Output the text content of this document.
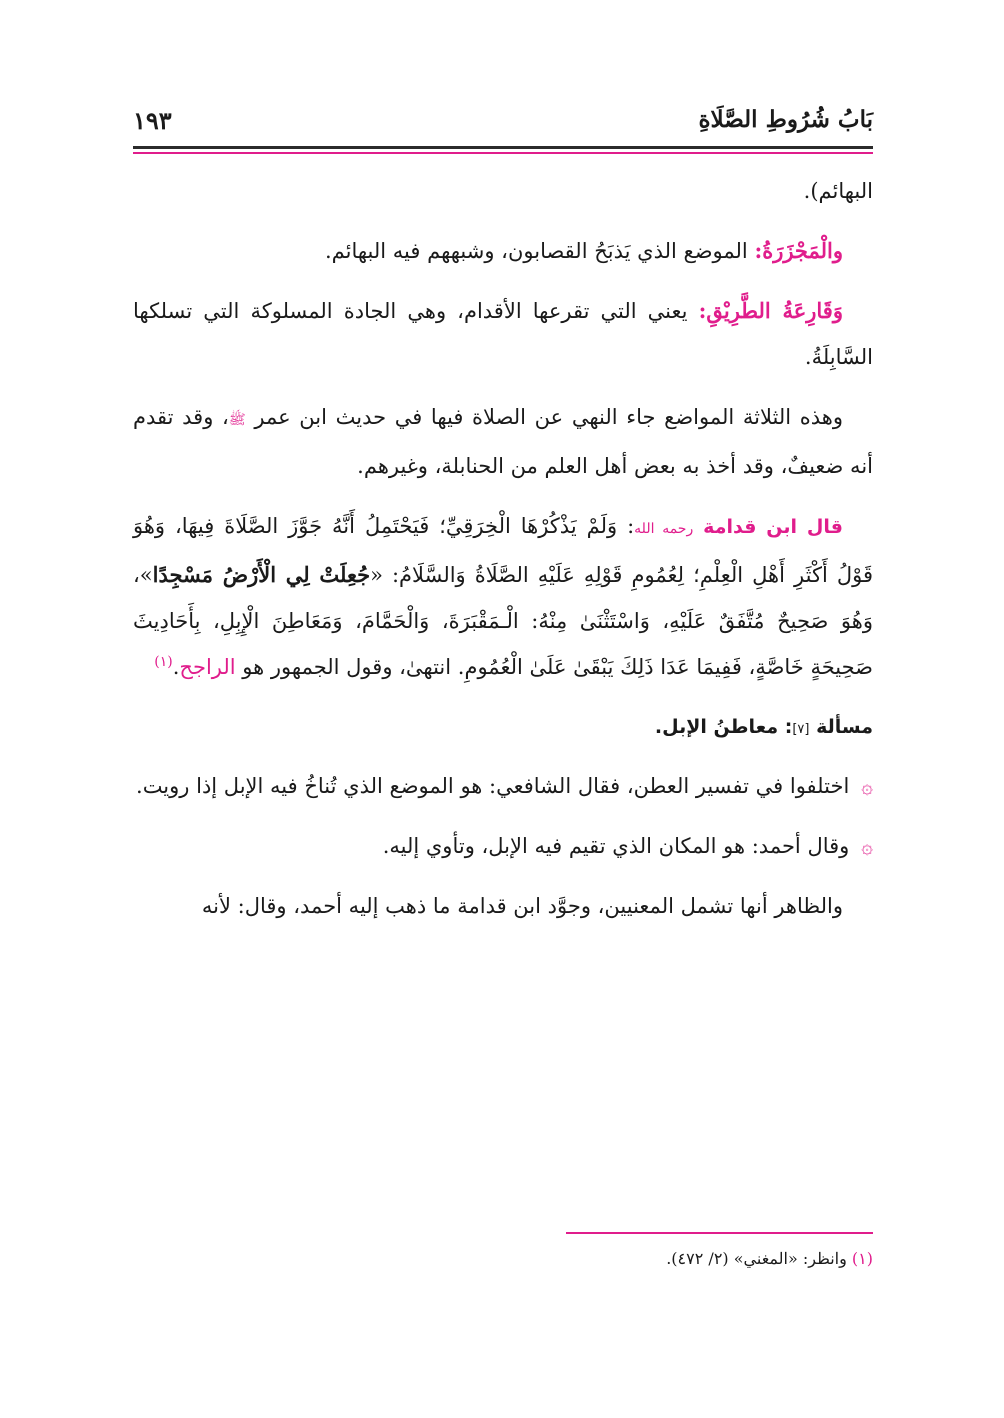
بَابُ شُرُوطِ الصَّلَاةِ
١٩٣

البهائم).

والْمَجْزَرَةُ: الموضع الذي يَذبَحُ القصابون، وشبههم فيه البهائم.

وَقَارِعَةُ الطَّرِيْقِ: يعني التي تقرعها الأقدام، وهي الجادة المسلوكة التي تسلكها السَّابِلَةُ.

وهذه الثلاثة المواضع جاء النهي عن الصلاة فيها في حديث ابن عمر ﷺ، وقد تقدم أنه ضعيفٌ، وقد أخذ به بعض أهل العلم من الحنابلة، وغيرهم.

قال ابن قدامة رحمه الله: وَلَمْ يَذْكُرْهَا الْخِرَقِيِّ؛ فَيَحْتَمِلُ أَنَّهُ جَوَّزَ الصَّلَاةَ فِيهَا، وَهُوَ قَوْلُ أَكْثَرِ أَهْلِ الْعِلْمِ؛ لِعُمُومِ قَوْلِهِ عَلَيْهِ الصَّلَاةُ وَالسَّلَامُ: «جُعِلَتْ لِي الْأَرْضُ مَسْجِدًا»، وَهُوَ صَحِيحٌ مُتَّفَقٌ عَلَيْهِ، وَاسْتَثْنَىٰ مِنْهُ: الْـمَقْبَرَةَ، وَالْحَمَّامَ، وَمَعَاطِنَ الْإِبِلِ، بِأَحَادِيثَ صَحِيحَةٍ خَاصَّةٍ، فَفِيمَا عَدَا ذَلِكَ يَبْقَىٰ عَلَىٰ الْعُمُومِ. انتهىٰ، وقول الجمهور هو الراجح.$^{(١)}$

مسألة [٧]: معاطنُ الإبل.

۞اختلفوا في تفسير العطن، فقال الشافعي: هو الموضع الذي تُناخُ فيه الإبل إذا رويت.

۞وقال أحمد: هو المكان الذي تقيم فيه الإبل، وتأوي إليه.

والظاهر أنها تشمل المعنيين، وجوَّد ابن قدامة ما ذهب إليه أحمد، وقال: لأنه

(١) وانظر: «المغني» (٢/ ٤٧٢).
